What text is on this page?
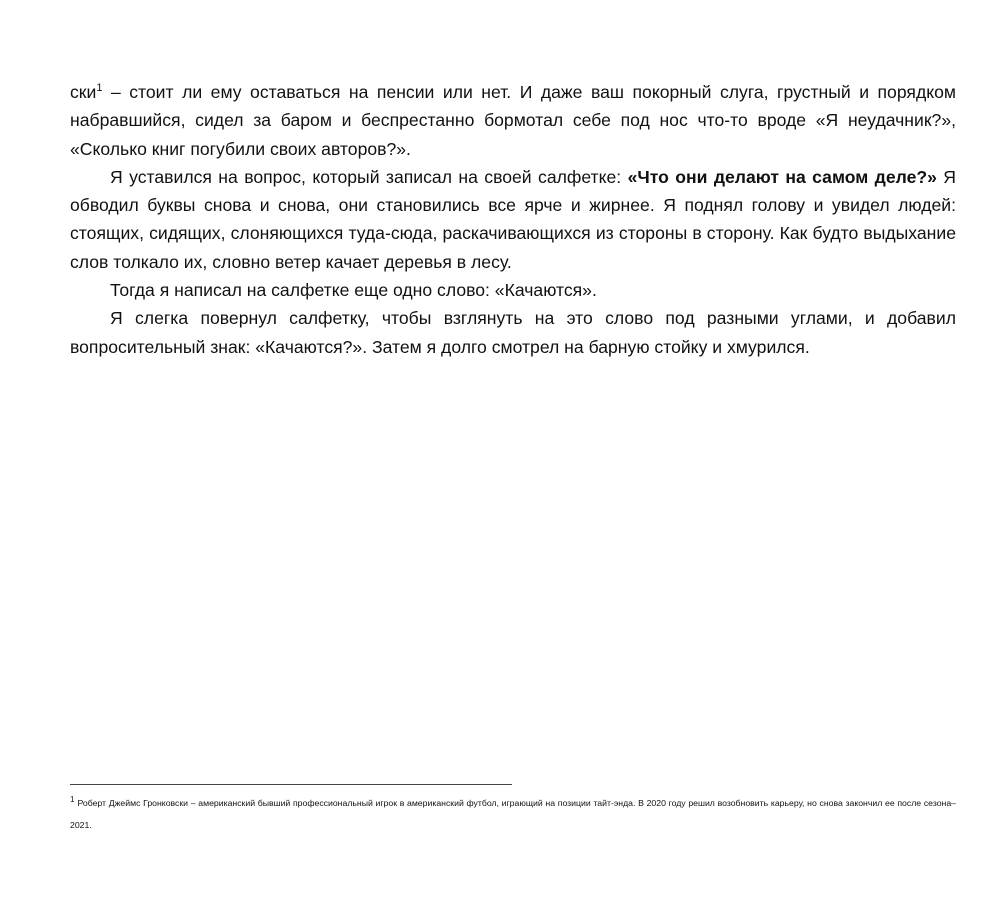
ски$^1$ – стоит ли ему оставаться на пенсии или нет. И даже ваш покорный слуга, грустный и порядком набравшийся, сидел за баром и беспрестанно бормотал себе под нос что-то вроде «Я неудачник?», «Сколько книг погубили своих авторов?».

Я уставился на вопрос, который записал на своей салфетке: «Что они делают на самом деле?» Я обводил буквы снова и снова, они становились все ярче и жирнее. Я поднял голову и увидел людей: стоящих, сидящих, слоняющихся туда-сюда, раскачивающихся из стороны в сторону. Как будто выдыхание слов толкало их, словно ветер качает деревья в лесу.

Тогда я написал на салфетке еще одно слово: «Качаются».

Я слегка повернул салфетку, чтобы взглянуть на это слово под разными углами, и добавил вопросительный знак: «Качаются?». Затем я долго смотрел на барную стойку и хмурился.

1 Роберт Джеймс Гронковски – американский бывший профессиональный игрок в американский футбол, играющий на позиции тайт-энда. В 2020 году решил возобновить карьеру, но снова закончил ее после сезона–2021.
